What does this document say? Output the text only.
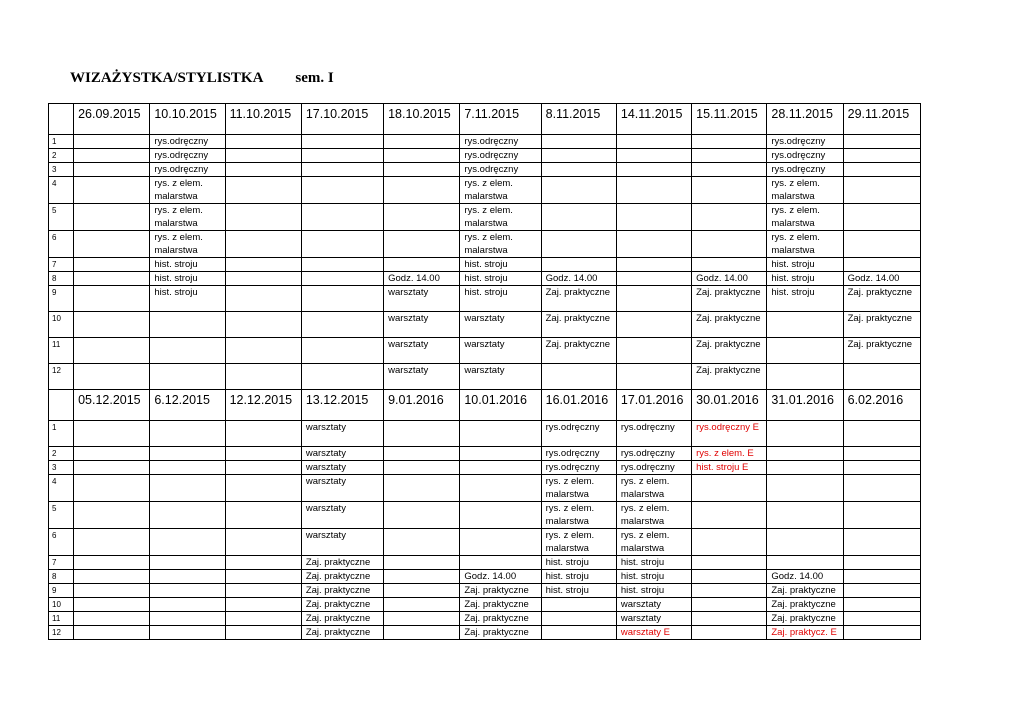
WIZAŻYSTKA/STYLISTKA sem. I
	26.09.2015	10.10.2015	11.10.2015	17.10.2015	18.10.2015	7.11.2015	8.11.2015	14.11.2015	15.11.2015	28.11.2015	29.11.2015
1		rys.odręczny				rys.odręczny				rys.odręczny	
2		rys.odręczny				rys.odręczny				rys.odręczny	
3		rys.odręczny				rys.odręczny				rys.odręczny	
4		rys. z elem. malarstwa				rys. z elem. malarstwa				rys. z elem. malarstwa	
5		rys. z elem. malarstwa				rys. z elem. malarstwa				rys. z elem. malarstwa	
6		rys. z elem. malarstwa				rys. z elem. malarstwa				rys. z elem. malarstwa	
7		hist. stroju				hist. stroju				hist. stroju	
8		hist. stroju			Godz. 14.00	hist. stroju	Godz. 14.00		Godz. 14.00	hist. stroju	Godz. 14.00
9		hist. stroju			warsztaty	hist. stroju	Zaj. praktyczne		Zaj. praktyczne	hist. stroju	Zaj. praktyczne
10					warsztaty	warsztaty	Zaj. praktyczne		Zaj. praktyczne		Zaj. praktyczne
11					warsztaty	warsztaty	Zaj. praktyczne		Zaj. praktyczne		Zaj. praktyczne
12					warsztaty	warsztaty			Zaj. praktyczne		
	05.12.2015	6.12.2015	12.12.2015	13.12.2015	9.01.2016	10.01.2016	16.01.2016	17.01.2016	30.01.2016	31.01.2016	6.02.2016
1				warsztaty			rys.odręczny	rys.odręczny	rys.odręczny E		
2				warsztaty			rys.odręczny	rys.odręczny	rys. z elem. E		
3				warsztaty			rys.odręczny	rys.odręczny	hist. stroju E		
4				warsztaty			rys. z elem. malarstwa	rys. z elem. malarstwa			
5				warsztaty			rys. z elem. malarstwa	rys. z elem. malarstwa			
6				warsztaty			rys. z elem. malarstwa	rys. z elem. malarstwa			
7				Zaj. praktyczne			hist. stroju	hist. stroju			
8				Zaj. praktyczne		Godz. 14.00	hist. stroju	hist. stroju		Godz. 14.00	
9				Zaj. praktyczne		Zaj. praktyczne	hist. stroju	hist. stroju		Zaj. praktyczne	
10				Zaj. praktyczne		Zaj. praktyczne		warsztaty		Zaj. praktyczne	
11				Zaj. praktyczne		Zaj. praktyczne		warsztaty		Zaj. praktyczne	
12				Zaj. praktyczne		Zaj. praktyczne		warsztaty E		Zaj. praktycz. E	
